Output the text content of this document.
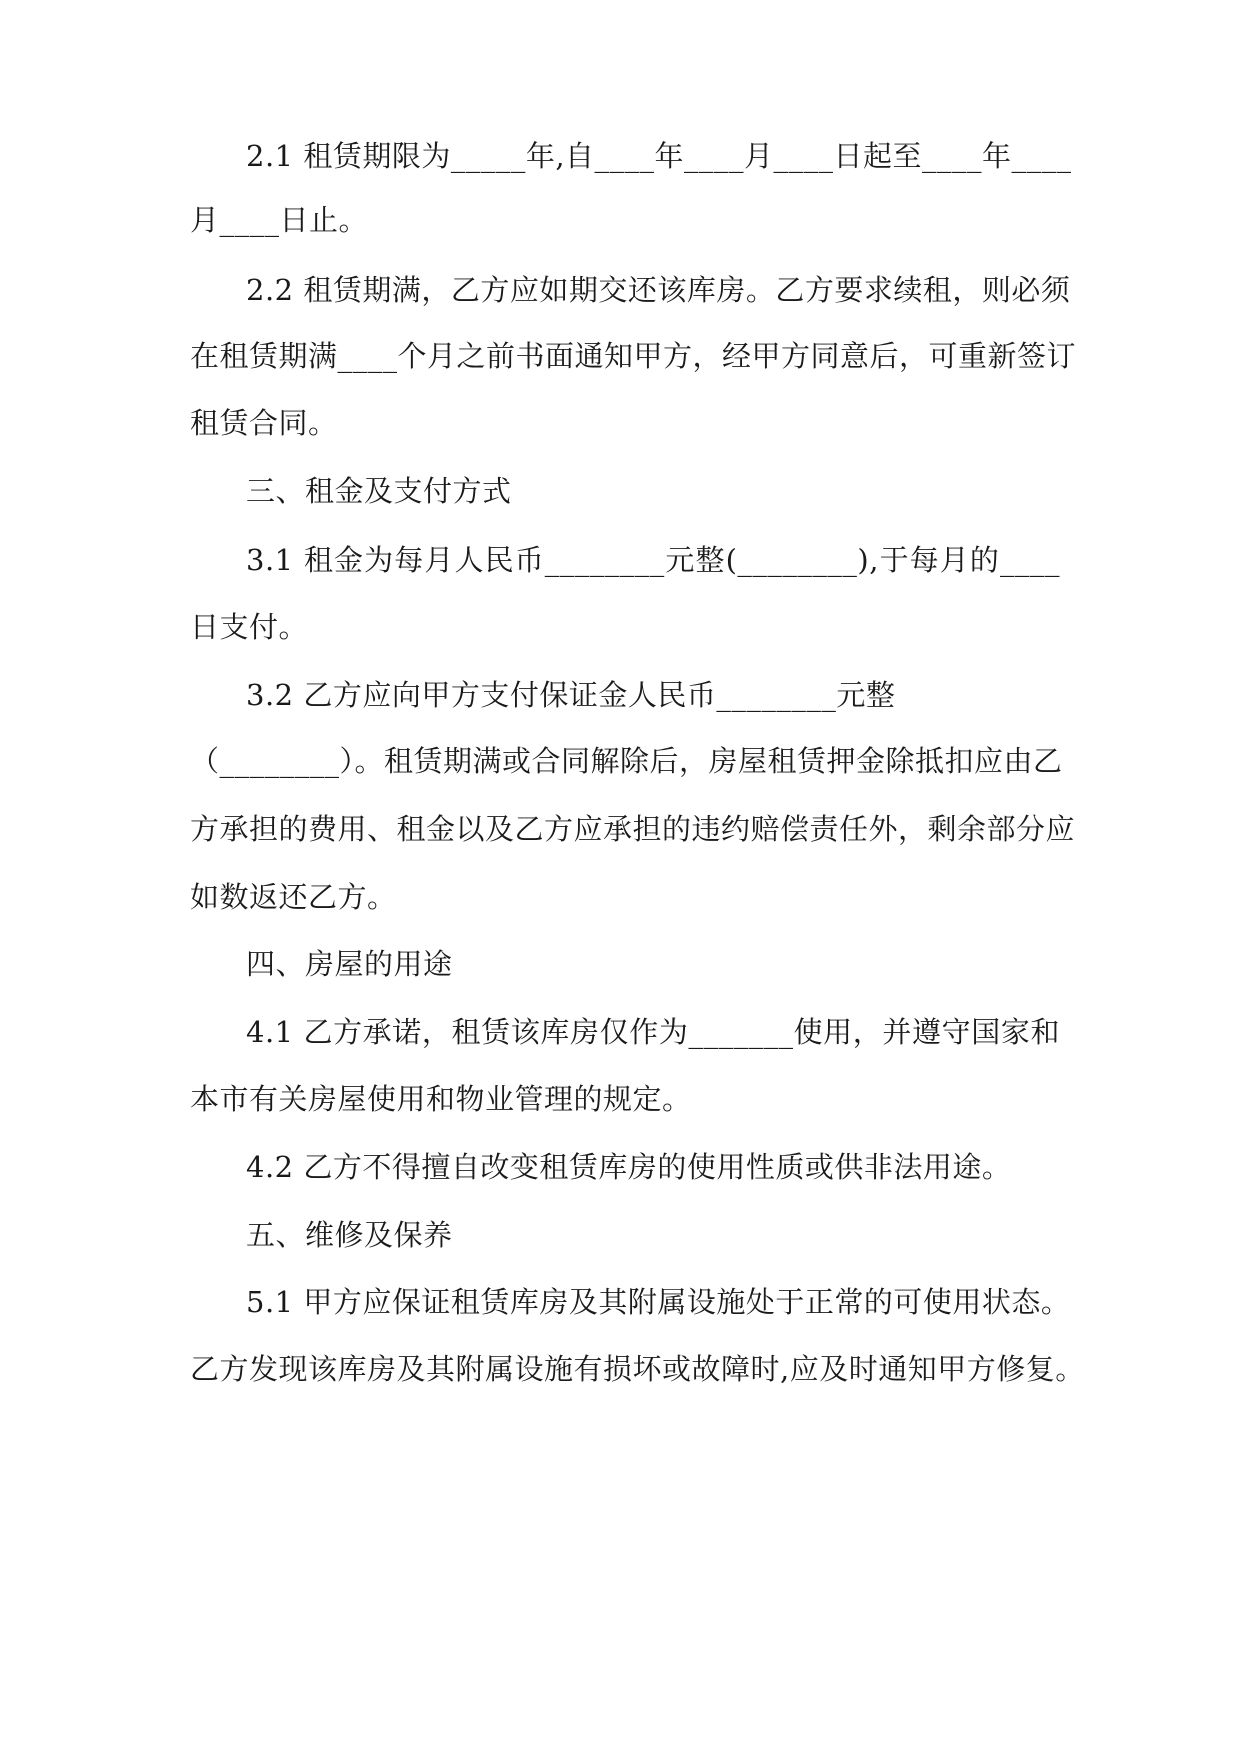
2.1 租赁期限为_____年,自____年____月____日起至____年____
月____日止。
2.2 租赁期满，乙方应如期交还该库房。乙方要求续租，则必须
在租赁期满____个月之前书面通知甲方，经甲方同意后，可重新签订
租赁合同。
三、租金及支付方式
3.1 租金为每月人民币________元整(________),于每月的____
日支付。
3.2 乙方应向甲方支付保证金人民币________元整
（________）。租赁期满或合同解除后，房屋租赁押金除抵扣应由乙
方承担的费用、租金以及乙方应承担的违约赔偿责任外，剩余部分应
如数返还乙方。
四、房屋的用途
4.1 乙方承诺，租赁该库房仅作为_______使用，并遵守国家和
本市有关房屋使用和物业管理的规定。
4.2 乙方不得擅自改变租赁库房的使用性质或供非法用途。
五、维修及保养
5.1 甲方应保证租赁库房及其附属设施处于正常的可使用状态。
乙方发现该库房及其附属设施有损坏或故障时,应及时通知甲方修复。
